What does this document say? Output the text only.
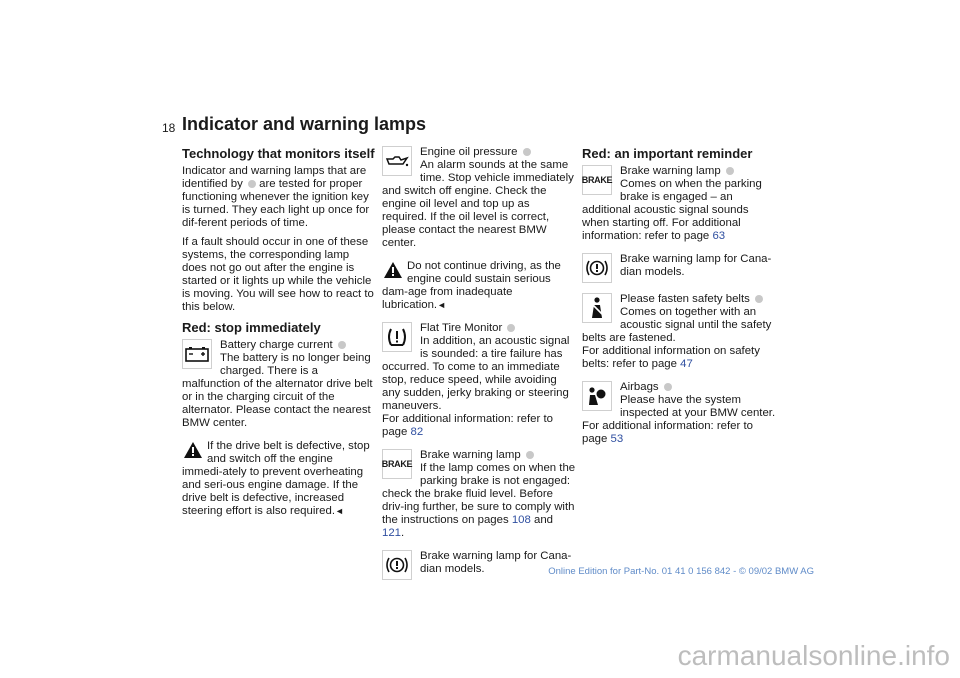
18 Indicator and warning lamps
Technology that monitors itself

Indicator and warning lamps that are identified by are tested for proper functioning whenever the ignition key is turned. They each light up once for dif-ferent periods of time.

If a fault should occur in one of these systems, the corresponding lamp does not go out after the engine is started or it lights up while the vehicle is moving. You will see how to react to this below.

Red: stop immediately
Battery charge current
The battery is no longer being charged. There is a malfunction of the alternator drive belt or in the charging circuit of the alternator. Please contact the nearest BMW center.
If the drive belt is defective, stop and switch off the engine immedi-ately to prevent overheating and seri-ous engine damage. If the drive belt is defective, increased steering effort is also required.◄
Engine oil pressure
An alarm sounds at the same time. Stop vehicle immediately and switch off engine. Check the engine oil level and top up as required. If the oil level is correct, please contact the nearest BMW center.
Do not continue driving, as the engine could sustain serious dam-age from inadequate lubrication.◄
Flat Tire Monitor
In addition, an acoustic signal is sounded: a tire failure has occurred. To come to an immediate stop, reduce speed, while avoiding any sudden, jerky braking or steering maneuvers.
For additional information: refer to page 82
BRAKE
Brake warning lamp
If the lamp comes on when the parking brake is not engaged: check the brake fluid level. Before driv-ing further, be sure to comply with the instructions on pages 108 and 121.
Brake warning lamp for Cana-dian models.
Red: an important reminder
BRAKE
Brake warning lamp
Comes on when the parking brake is engaged – an additional acoustic signal sounds when starting off. For additional information: refer to page 63
Brake warning lamp for Cana-dian models.
Please fasten safety belts
Comes on together with an acoustic signal until the safety belts are fastened.
For additional information on safety belts: refer to page 47
Airbags
Please have the system inspected at your BMW center.
For additional information: refer to page 53
Online Edition for Part-No. 01 41 0 156 842 - © 09/02 BMW AG
carmanualsonline.info
